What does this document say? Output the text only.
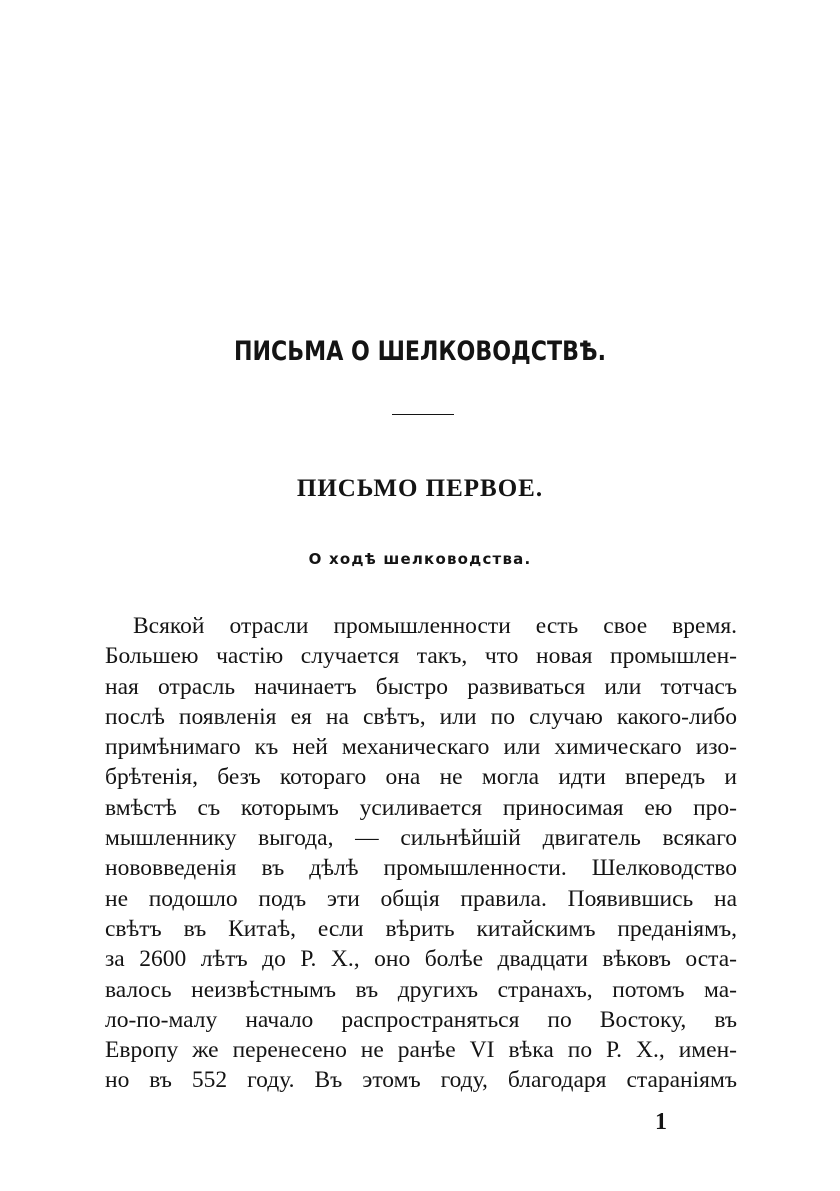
ПИСЬМА О ШЕЛКОВОДСТВѢ.
ПИСЬМО ПЕРВОЕ.
О ходѣ шелководства.
Всякой отрасли промышленности есть свое время.
Большею частію случается такъ, что новая промышлен-
ная отрасль начинаетъ быстро развиваться или тотчасъ
послѣ появленія ея на свѣтъ, или по случаю какого-либо
примѣнимаго къ ней механическаго или химическаго изо-
брѣтенія, безъ котораго она не могла идти впередъ и
вмѣстѣ съ которымъ усиливается приносимая ею про-
мышленнику выгода, — сильнѣйшій двигатель всякаго
нововведенія въ дѣлѣ промышленности. Шелководство
не подошло подъ эти общія правила. Появившись на
свѣтъ въ Китаѣ, если вѣрить китайскимъ преданіямъ,
за 2600 лѣтъ до Р. Х., оно болѣе двадцати вѣковъ оста-
валось неизвѣстнымъ въ другихъ странахъ, потомъ ма-
ло-по-малу начало распространяться по Востоку, въ
Европу же перенесено не ранѣе VI вѣка по Р. Х., имен-
но въ 552 году. Въ этомъ году, благодаря стараніямъ
1
